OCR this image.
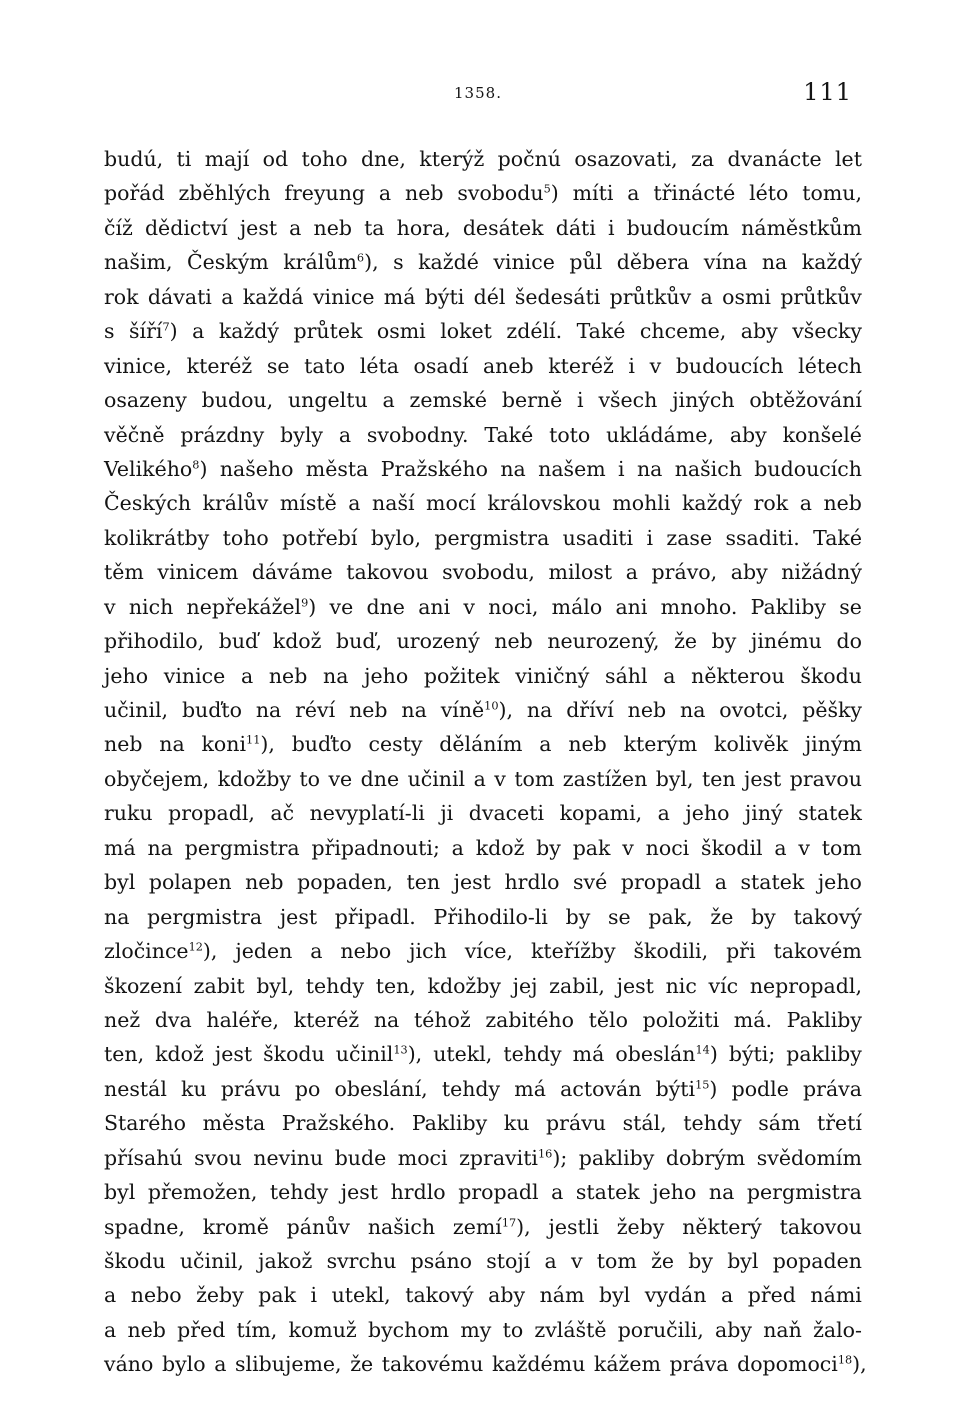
1358.	111
budú, ti mají od toho dne, kterýž počnú osazovati, za dvanácte let
pořád zběhlých freyung a neb svobodu$^5$) míti a třinácté léto tomu,
číž dědictví jest a neb ta hora, desátek dáti i budoucím náměstkům
našim, Českým králům$^6$), s každé vinice půl děbera vína na každý
rok dávati a každá vinice má býti dél šedesáti průtkův a osmi průtkův
s šíří$^7$) a každý průtek osmi loket zdélí. Také chceme, aby všecky
vinice, kteréž se tato léta osadí aneb kteréž i v budoucích létech
osazeny budou, ungeltu a zemské berně i všech jiných obtěžování
věčně prázdny byly a svobodny. Také toto ukládáme, aby konšelé
Velikého$^8$) našeho města Pražského na našem i na našich budoucích
Českých králův místě a naší mocí královskou mohli každý rok a neb
kolikrátby toho potřebí bylo, pergmistra usaditi i zase ssaditi. Také
těm vinicem dáváme takovou svobodu, milost a právo, aby nižádný
v nich nepřekážel$^9$) ve dne ani v noci, málo ani mnoho. Pakliby se
přihodilo, buď kdož buď, urozený neb neurozený, že by jinému do
jeho vinice a neb na jeho požitek viničný sáhl a některou škodu
učinil, buďto na réví neb na víně$^{10}$), na dříví neb na ovotci, pěšky
neb na koni$^{11}$), buďto cesty děláním a neb kterým kolivěk jiným
obyčejem, kdožby to ve dne učinil a v tom zastížen byl, ten jest pravou
ruku propadl, ač nevyplatí-li ji dvaceti kopami, a jeho jiný statek
má na pergmistra připadnouti; a kdož by pak v noci škodil a v tom
byl polapen neb popaden, ten jest hrdlo své propadl a statek jeho
na pergmistra jest připadl. Přihodilo-li by se pak, že by takový
zločince$^{12}$), jeden a nebo jich více, kteřížby škodili, při takovém
škození zabit byl, tehdy ten, kdožby jej zabil, jest nic víc nepropadl,
než dva haléře, kteréž na téhož zabitého tělo položiti má. Pakliby
ten, kdož jest škodu učinil$^{13}$), utekl, tehdy má obeslán$^{14}$) býti; pakliby
nestál ku právu po obeslání, tehdy má actován býti$^{15}$) podle práva
Starého města Pražského. Pakliby ku právu stál, tehdy sám třetí
přísahú svou nevinu bude moci zpraviti$^{16}$); pakliby dobrým svědomím
byl přemožen, tehdy jest hrdlo propadl a statek jeho na pergmistra
spadne, kromě pánův našich zemí$^{17}$), jestli žeby některý takovou
škodu učinil, jakož svrchu psáno stojí a v tom že by byl popaden
a nebo žeby pak i utekl, takový aby nám byl vydán a před námi
a neb před tím, komuž bychom my to zvláště poručili, aby naň žalo-
váno bylo a slibujeme, že takovému každému kážem práva dopomoci$^{18}$),
